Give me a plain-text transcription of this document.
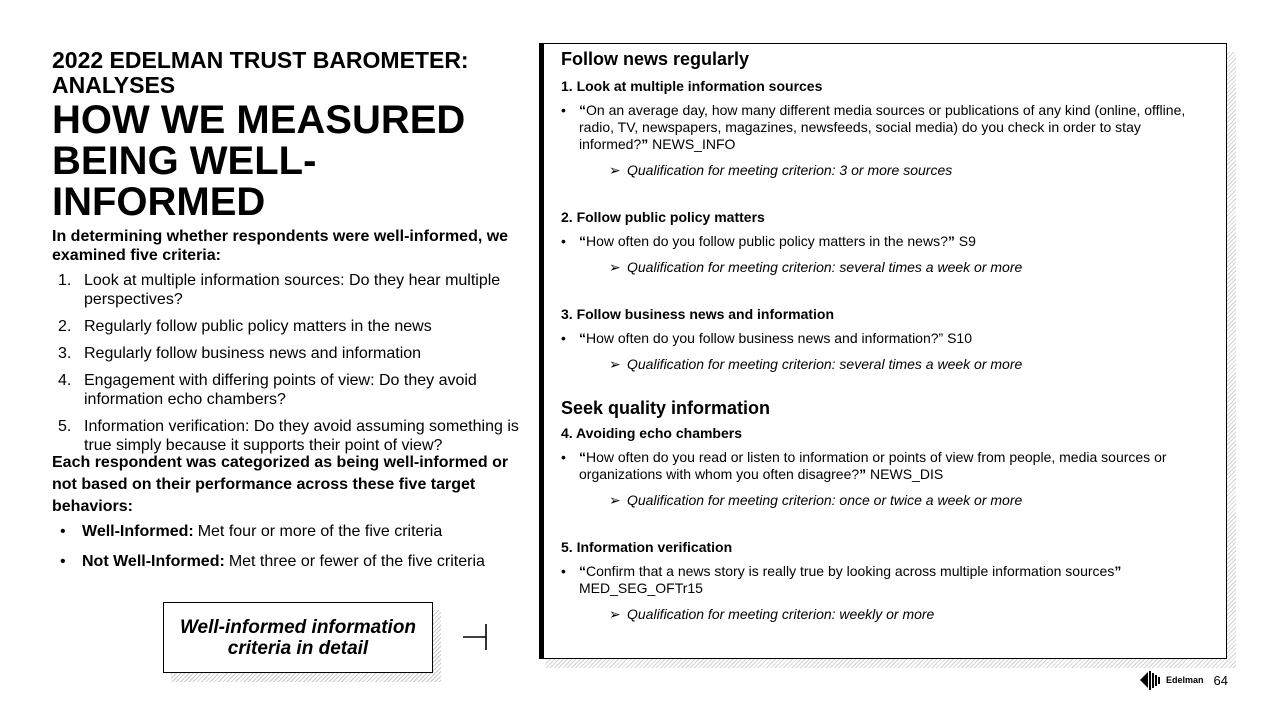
2022 EDELMAN TRUST BAROMETER: ANALYSES

HOW WE MEASURED BEING WELL-INFORMED

In determining whether respondents were well-informed, we examined five criteria:

1. Look at multiple information sources: Do they hear multiple perspectives?
2. Regularly follow public policy matters in the news
3. Regularly follow business news and information
4. Engagement with differing points of view: Do they avoid information echo chambers?
5. Information verification: Do they avoid assuming something is true simply because it supports their point of view?

Each respondent was categorized as being well-informed or not based on their performance across these five target behaviors:

•	Well-Informed: Met four or more of the five criteria
•	Not Well-Informed: Met three or fewer of the five criteria
Well-informed information criteria in detail

Follow news regularly

1. Look at multiple information sources

• “On an average day, how many different media sources or publications of any kind (online, offline, radio, TV, newspapers, magazines, newsfeeds, social media) do you check in order to stay informed?” NEWS_INFO
➢ Qualification for meeting criterion: 3 or more sources

2. Follow public policy matters

• “How often do you follow public policy matters in the news?” S9
➢ Qualification for meeting criterion: several times a week or more

3. Follow business news and information

• “How often do you follow business news and information?” S10
➢ Qualification for meeting criterion: several times a week or more

Seek quality information

4. Avoiding echo chambers

• “How often do you read or listen to information or points of view from people, media sources or organizations with whom you often disagree?” NEWS_DIS
➢ Qualification for meeting criterion: once or twice a week or more

5. Information verification

• “Confirm that a news story is really true by looking across multiple information sources” MED_SEG_OFTr15
➢ Qualification for meeting criterion: weekly or more
Edelman 64
